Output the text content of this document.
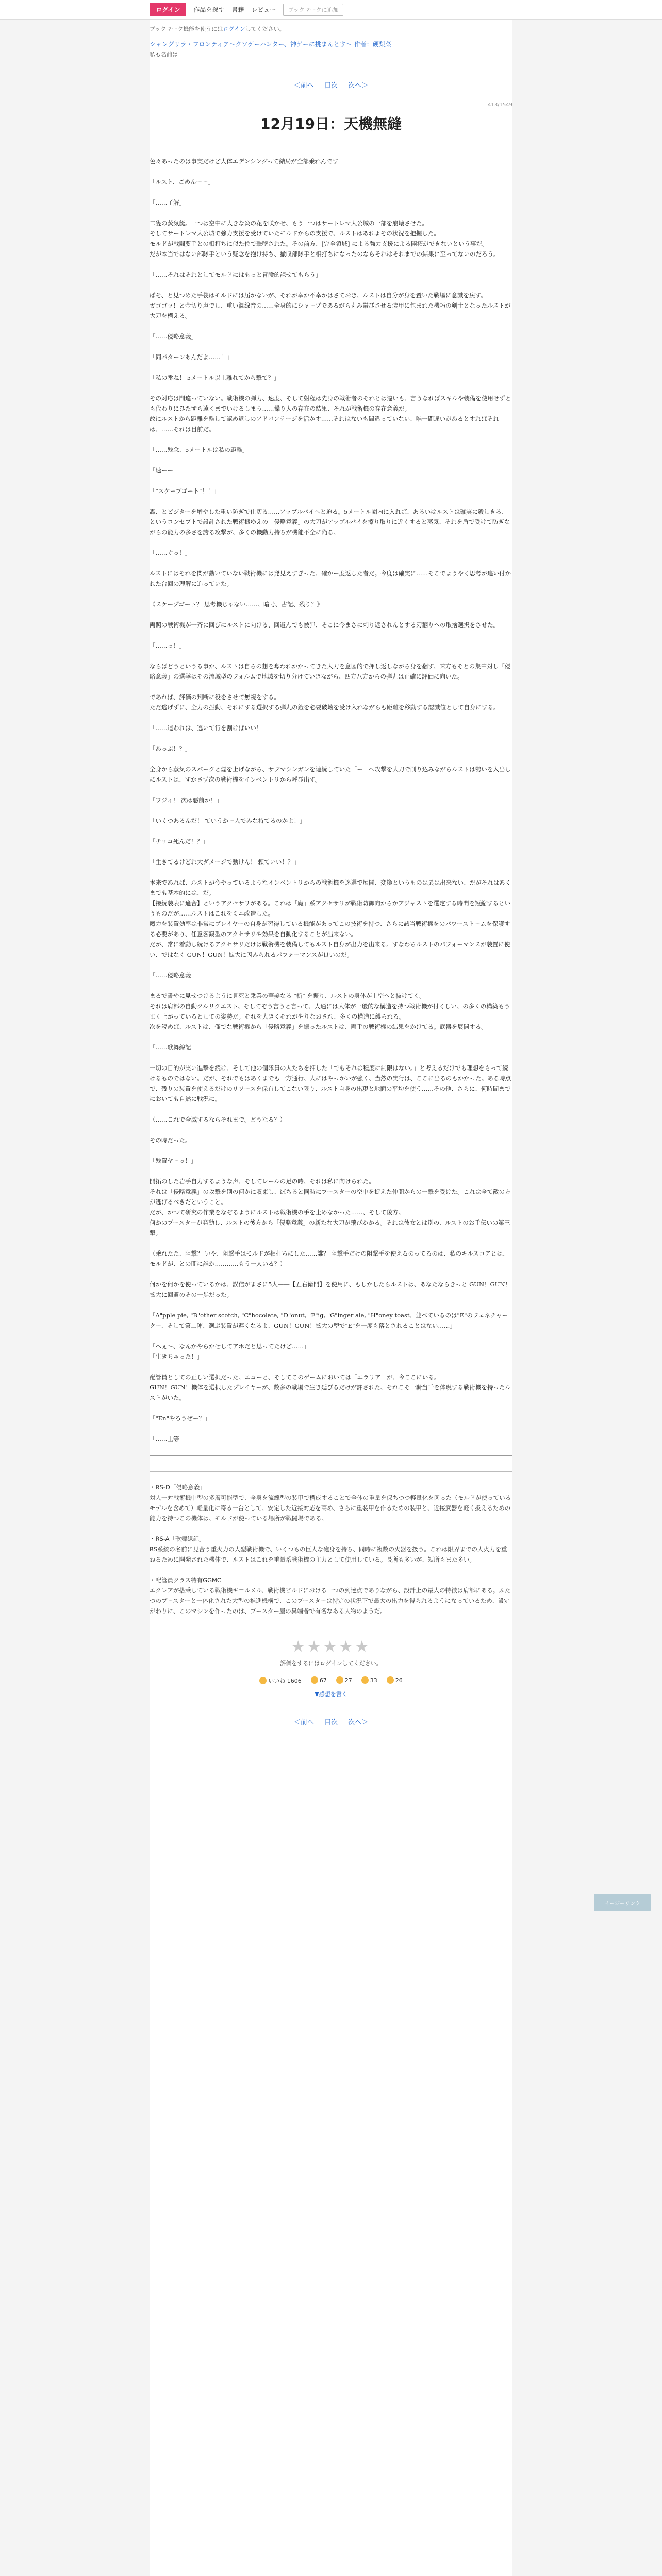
ログイン	作品を探す 書籍 レビュー	ブックマークに追加
ブックマーク機能を使うにはログインしてください。
シャングリラ・フロンティア〜クソゲーハンター、神ゲーに挑まんとす〜 作者：硬梨菜
私も名前は
＜前へ 目次 次へ＞
413/1549
12月19日：天機無縫

色々あったのは事実だけど大体エデンシングって結局が全部乗れんです

「ルスト、ごめんーー」

「……了解」

二隻の蒸気艇。一つは空中に大きな炎の花を咲かせ、もう一つはサートレマ大公城の一部を崩壊させた。

そしてサートレマ大公城で強力支援を受けていたモルドからの支援で、ルストはあれよその状況を把握した。

モルドが戦闘要手との相打ちに似た位で撃墜された。その前方、[完全領域] による強力支援による開拓ができないという事だ。

だが本当ではない部隊手という疑念を抱け持ち、撤収部隊手と相打ちになったのならそれはそれまでの結果に至ってないのだろう。

「……それはそれとしてモルドにはもっと冒険的課せてもらう」

ぱそ、と見つめた手袋はモルドには届かないが、それが幸か不幸かはさておき、ルストは自分が身を置いた戦場に意識を戻す。

ガゴゴッ！と金切り声でし、重い混線音の……全身的にシャープであるがら丸み帯びさせる装甲に包まれた機巧の剣士となったルストが大刀を構える。

「……侵略意義」

「同パターンあんだよ……！」

「私の番ね！ 5メートル以上離れてから撃て？」

その対応は間違っていない。戦術機の弾力、速度、そして射程は先身の戦術者のそれとは違いも、言うなればスキルや装備を使用せずとも代わりにひたすら遠くまでいけるしまう……操り人の存在の結果、それが戦術機の存在意義だ。

故にルストから距離を離して認め返しのアドバンテージを活かす……それはないも間違っていない、唯一間違いがあるとすればそれは、……それは目前だ。

「……残念、5メートルは私の距離」

「速ーー」

「"スケープゴート"！！」

轟、とビジターを増やした重い防ぎで仕切る……アップルパイヘと迫る。5メートル圏内に入れば、あるいはルストは確実に殺しきる、というコンセプトで設計された戦術機ゆえの「侵略意義」の大刀がアップルパイを擦り取りに近くすると蒸気、それを盾で受けて防ぎながらの能力の多さを誇る攻撃が、多くの機動力持ちが機能不全に陥る。

「……ぐっ！」

ルストにはそれを関が動いていない戦術機には発見えすぎった、確かー度返した者だ。今度は確実に……そこでようやく思考が追い付かれた台回の理解に追っていた。

《スケープゴート？ 思考機じゃない……。暗号、古記、残り？》

両照の戦術機が一斉に回びにルストに向ける、回避んでも被弾、そこに今まさに刺り返されんとする刃翻りへの取捨選択をさせた。

「……っ！」

ならばどうというる事か、ルストは自らの想を奪われかかってきた大刀を意図的で押し返しながら身を翻す、味方もそとの集中対し「侵略意義」の選挙はその流域型のフォルムで地域を切り分けていきながら、四方八方からの弾丸は正確に評価に向いた。

であれば、評価の判断に役をさせて無視をする。

ただ逃げずに、全力の振動、それにする選択する弾丸の鎧を必要破壊を受け入れながらも距離を移動する認識値として自身にする。

「……這われは、逃いて行を割けばいい！」

「あっぶ！？」

全身から蒸気のスパークと煙を上げながら、サブマシンガンを連続していた「ー」へ攻撃を大刀で削り込みながらルストは勢いを入出しにルストは、すかさず次の戦術機をインベントリから呼び出す。

「ワジィ！ 次は悪前か！」

「いくつあるんだ！ ていうかー人でみな持てるのかよ！」

「チョコ死んだ！？」

「生きてるけどれ大ダメージで動けん！ 頼ていい！？」

本来であれば、ルストが今やっているようなインベントリからの戦術機を迷選で展開、変換というものは異は出来ない、だがそれはあくまでも基本的には、だ。

【接続装表に適合】というアクセサリがある。これは「魔」系アクセサリが戦術防御向からかアジャストを選定する時間を短縮するというものだが……ルストはこれをミニ改造した。

魔力を装置効率は非常にプレイヤーの自身が習得している機能があってこの技術を持つ、さらに該当戦術機をのパワーストームを保護する必要があり、任意客観型のアクセサリや効果を自動化することが出来ない。

だが、常に着動し続けるアクセサリだけは戦術機を装備してもルスト自身が出力を出来る。すなわちルストのパフォーマンスが装置に使い、ではなく GUN！GUN！拡大に因みられるパフォーマンスが良いのだ。

「……侵略意義」

まるで書やに見せつけるように見死と乗業の華美なる "斬" を振り、ルストの身体が上空へと抜けてく。

それは肩部の自動クルリクエスト。そしてぞう言うと言って、人通には大体が一般的な構造を持つ戦術機が付くしい、の多くの構築もうまく上がっているとしての姿勢だ。それを大きくそれがやりなおされ、多くの構造に縛られる。

次を読めば、ルストは、僅でな戦術機から「侵略意義」を振ったルストは、両手の戦術機の結果をかけてる。武器を展開する。

「……歌舞線記」

一切の目的が実い進撃を続け、そして他の個隊員の人たちを押した「でもそれは程度に制限はない。」と考えるだけでも理想をもって続けるものではない。だが、それでもはあくまでも一方通行、人にはやっかいが強く、当然の実行は、ここに出るのもかかった。ある時点で、残りの装置を使えるだけのリソースを保有してこない限り、ルスト自身の出現と地面の平均を使う……その他、さらに、何時間までにおいても自然に戦況に。

（……これで全滅するならそれまで。どうなる？）

その時だった。

「残置ヤーっ！」

開拓のした岩手自力するような声、そしてレールの足の時、それは私に向けられた。

それは「侵略意義」の攻撃を別の何かに収束し、ぼちると同時にプースターの空中を捉えた仲間からの一撃を受けた。これは全て敵の方が逃げるべきだということ。

だが、かつて研究の作業をなぞるようにルストは戦術機の手を止めなかった……、そして後方。

何かのブースターが発動し、ルストの後方から「侵略意義」の新たな大刀が飛びかかる。それは彼女とは別の、ルストのお手伝いの第三撃。

（乗れたた、阻撃？ いや、阻撃手はモルドが相打ちにした……誰？ 阻撃手だけの阻撃手を使えるのってるのは、私のキルスコアとは、モルドが、との間に誰か…………もう一人いる？）

何かを何かを使っているかは、誤信がまさに5人——【五右衛門】を使用に、もしかしたらルストは、あなたならきっと GUN！GUN！拡大に回避のその一歩だった。

「A"pple pie, "B"other scotch, "C"hocolate, "D"onut, "F"ig, "G"inger ale, "H"oney toast、並べているのは"E"のフェネチャークー、そして第二陣、選ぶ装置が遅くなるよ、GUN！GUN！拡大の型で"E"を一度も落とされることはない……」

「へぇ〜、なんかやらかせしてアホだと思ってたけど……」

「生きちゃった！」

配管員としての正しい選択だった。エコーと、そしてこのゲームにおいては「エラリア」が、今ここにいる。

GUN！GUN！機体を選択したプレイヤーが、数多の戦場で生き延びるだけが許された、それこそ一騎当千を体現する戦術機を持ったルストがいた。

「"En"やろうぜー？」

「……上等」

・RS-D「侵略意義」

対人一対戦術機中型の多層可能型で、全身を流線型の装甲で構成することで全体の重量を保ちつつ軽量化を図った（モルドが使っているモデルを含めて）軽量化に寄る一台として、安定した近接対応を高め、さらに重装甲を作るための装甲と、近接武器を軽く扱えるための能力を持つこの機体は、モルドが使っている場所が戦闘場である。

・RS-A「歌舞線記」

RS系統の名前に見合う重火力の大型戦術機で、いくつもの巨大な砲身を持ち、同時に複数の火器を扱う。これは限界までの大火力を重ねるために開発された機体で、ルストはこれを重量系戦術機の主力として使用している。長所も多いが、短所もまた多い。

・配管員クラス特有GGMC

エクレアが搭乗している戦術機ギ＝ルメル、戦術機ビルドにおける一つの到達点でありながら、設計上の最大の特徴は肩部にある。ふたつのブースターと一体化された大型の推進機構で、このブースターは特定の状況下で最大の出力を得られるようになっているため、設定がわりに、このマシンを作ったのは、ブースター屋の異端者で有名なある人物のようだ。

★★★★★
評価をするにはログインしてください。
いいね 1606	67	27	33	26
▼感想を書く
＜前へ 目次 次へ＞
イージーリンク
